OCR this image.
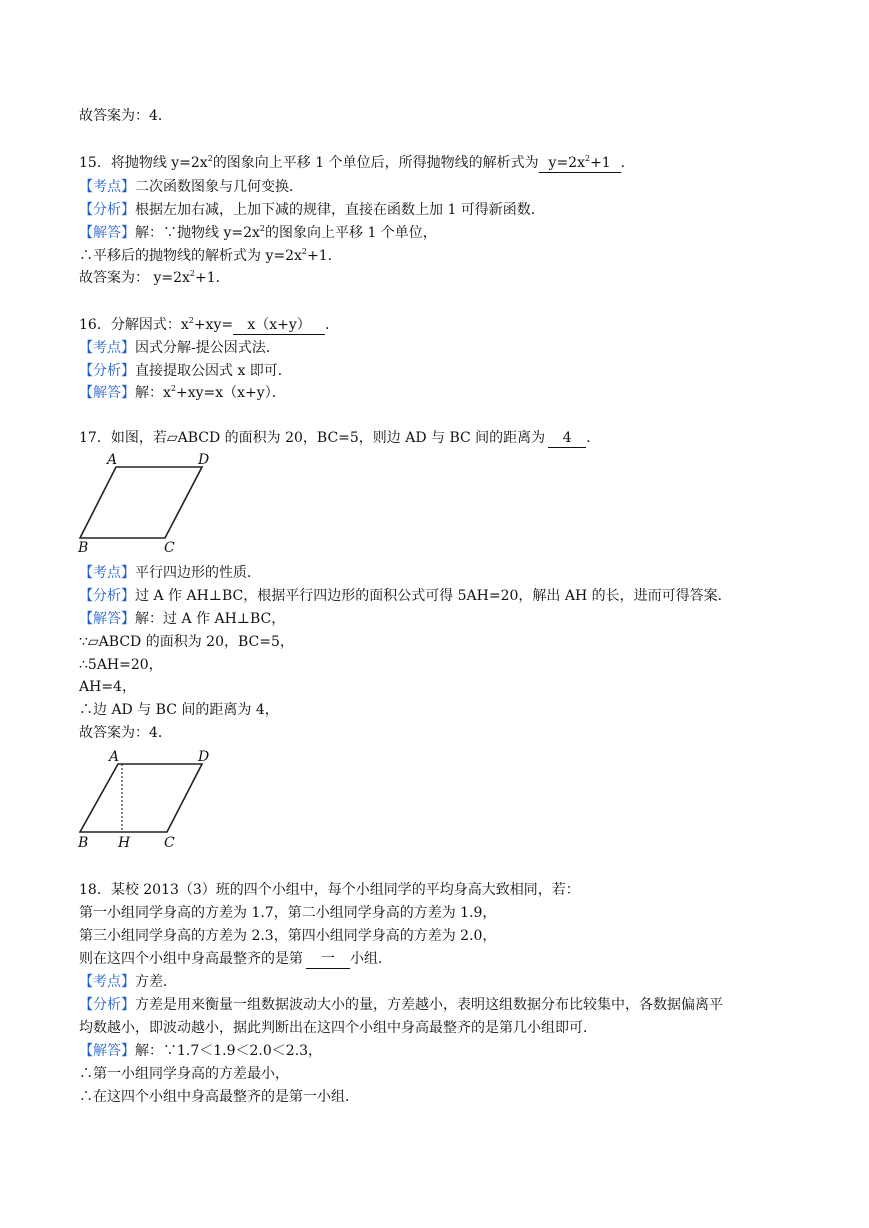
故答案为：4．
15．将抛物线 $y=2x^2$的图象向上平移 1 个单位后，所得抛物线的解析式为 $y=2x^2+1$ ．
【考点】二次函数图象与几何变换．
【分析】根据左加右减，上加下减的规律，直接在函数上加 1 可得新函数．
【解答】解：∵抛物线 $y=2x^2$的图象向上平移 1 个单位，
∴平移后的抛物线的解析式为 $y=2x^2+1$．
故答案为： $y=2x^2+1$．
16．分解因式：$x^2+xy= x(x+y)$ ．
【考点】因式分解-提公因式法．
【分析】直接提取公因式 x 即可．
【解答】解：$x^2+xy=x(x+y)$．
17．如图，若▱ABCD 的面积为 20，BC=5，则边 AD 与 BC 间的距离为 4 ．
A	D
B	C
【考点】平行四边形的性质．
【分析】过 A 作 AH⊥BC，根据平行四边形的面积公式可得 5AH=20，解出 AH 的长，进而可得答案．
【解答】解：过 A 作 AH⊥BC，
∵▱ABCD 的面积为 20，BC=5，
∴5AH=20，
AH=4，
∴边 AD 与 BC 间的距离为 4，
故答案为：4．
A	D
B H C
18．某校 2013（3）班的四个小组中，每个小组同学的平均身高大致相同，若：
第一小组同学身高的方差为 1.7，第二小组同学身高的方差为 1.9，
第三小组同学身高的方差为 2.3，第四小组同学身高的方差为 2.0，
则在这四个小组中身高最整齐的是第 一 小组．
【考点】方差．
【分析】方差是用来衡量一组数据波动大小的量，方差越小，表明这组数据分布比较集中，各数据偏离平
均数越小，即波动越小，据此判断出在这四个小组中身高最整齐的是第几小组即可．
【解答】解：∵1.7＜1.9＜2.0＜2.3，
∴第一小组同学身高的方差最小，
∴在这四个小组中身高最整齐的是第一小组．
